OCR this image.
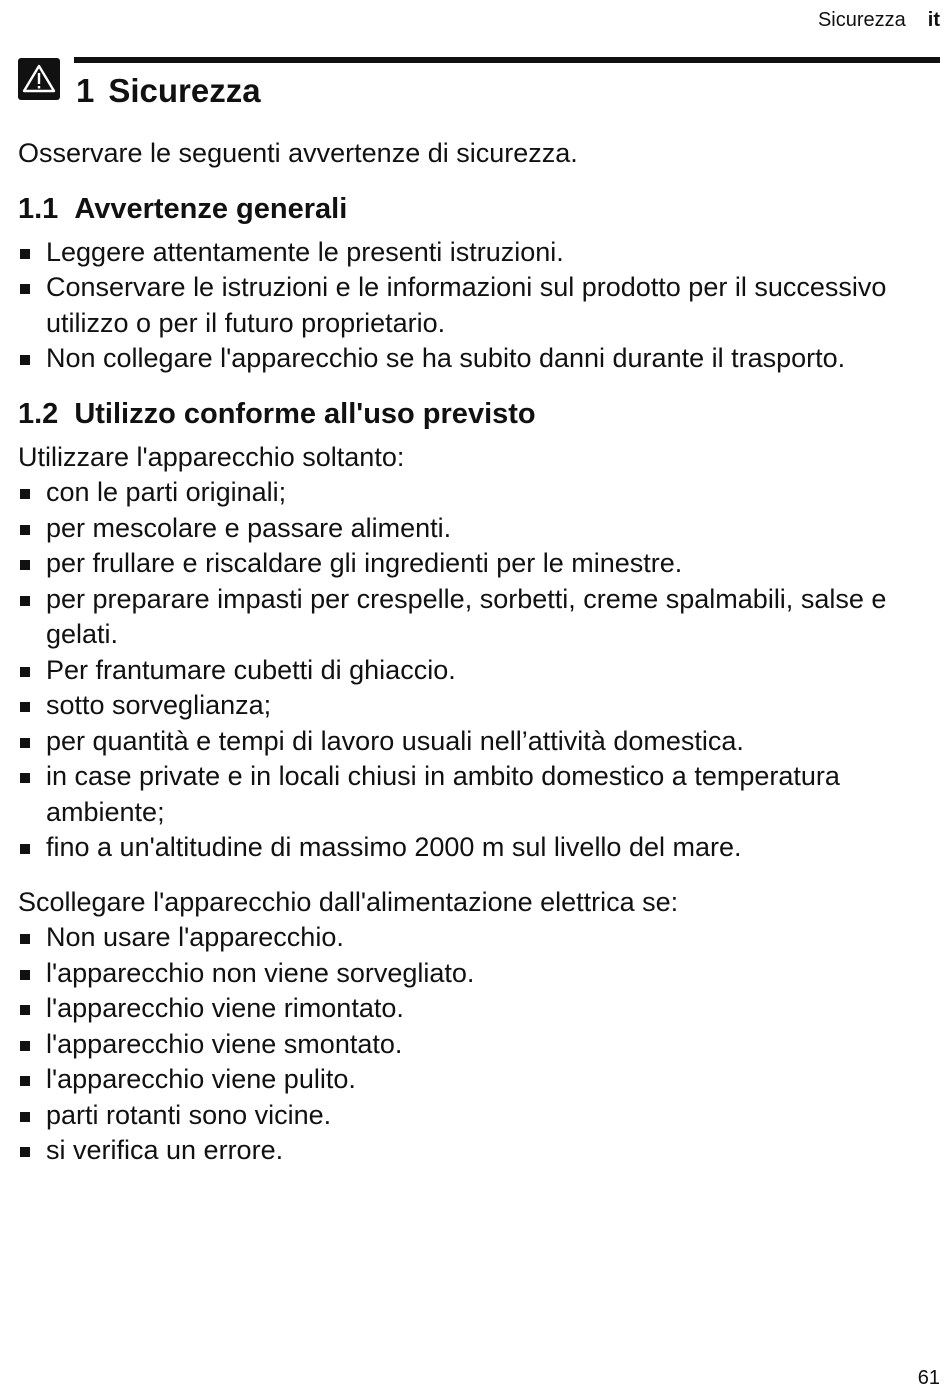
Sicurezza it
1 Sicurezza

Osservare le seguenti avvertenze di sicurezza.

1.1 Avvertenze generali
Leggere attentamente le presenti istruzioni.
Conservare le istruzioni e le informazioni sul prodotto per il successivo utilizzo o per il futuro proprietario.
Non collegare l'apparecchio se ha subito danni durante il trasporto.
1.2 Utilizzo conforme all'uso previsto

Utilizzare l'apparecchio soltanto:

con le parti originali;
per mescolare e passare alimenti.
per frullare e riscaldare gli ingredienti per le minestre.
per preparare impasti per crespelle, sorbetti, creme spalmabili, salse e gelati.
Per frantumare cubetti di ghiaccio.
sotto sorveglianza;
per quantità e tempi di lavoro usuali nell’attività domestica.
in case private e in locali chiusi in ambito domestico a temperatura ambiente;
fino a un'altitudine di massimo 2000 m sul livello del mare.

Scollegare l'apparecchio dall'alimentazione elettrica se:

Non usare l'apparecchio.
l'apparecchio non viene sorvegliato.
l'apparecchio viene rimontato.
l'apparecchio viene smontato.
l'apparecchio viene pulito.
parti rotanti sono vicine.
si verifica un errore.
61
